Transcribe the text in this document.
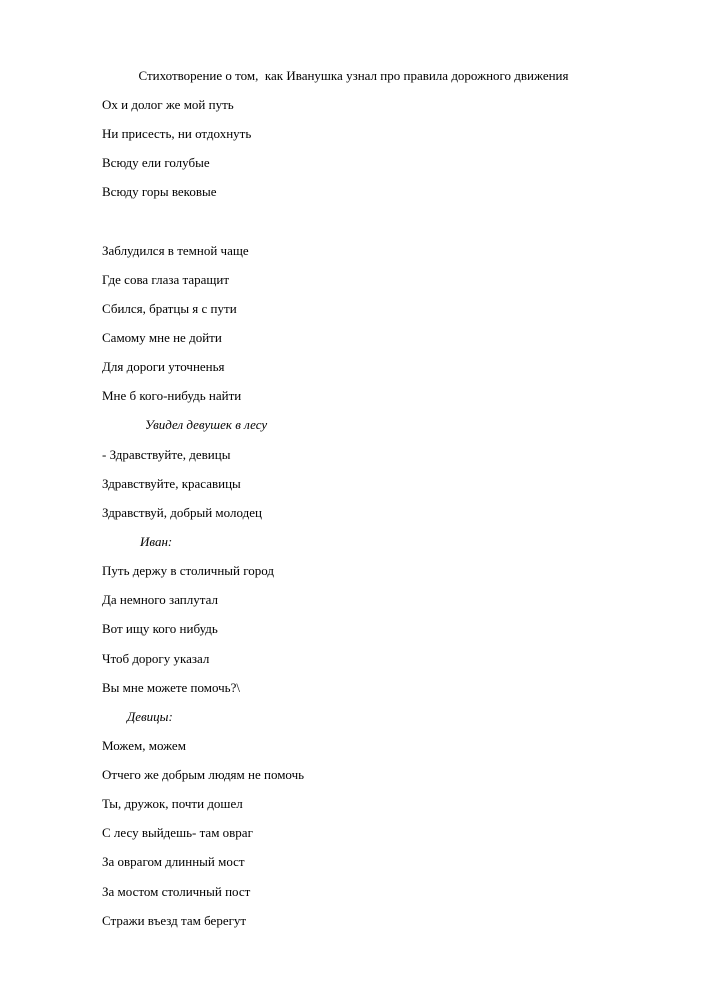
Стихотворение о том,  как Иванушка узнал про правила дорожного движения
Ох и долог же мой путь
Ни присесть, ни отдохнуть
Всюду ели голубые
Всюду горы вековые
Заблудился в темной чаще
Где сова глаза таращит
Сбился, братцы я с пути
Самому мне не дойти
Для дороги уточненья
Мне б кого-нибудь найти
Увидел девушек в лесу
- Здравствуйте, девицы
Здравствуйте, красавицы
Здравствуй, добрый молодец
Иван:
Путь держу в столичный город
Да немного заплутал
Вот ищу кого нибудь
Чтоб дорогу указал
Вы мне можете помочь?\
Девицы:
Можем, можем
Отчего же добрым людям не помочь
Ты, дружок, почти дошел
С лесу выйдешь- там овраг
За оврагом длинный мост
За мостом столичный пост
Стражи въезд там берегут
